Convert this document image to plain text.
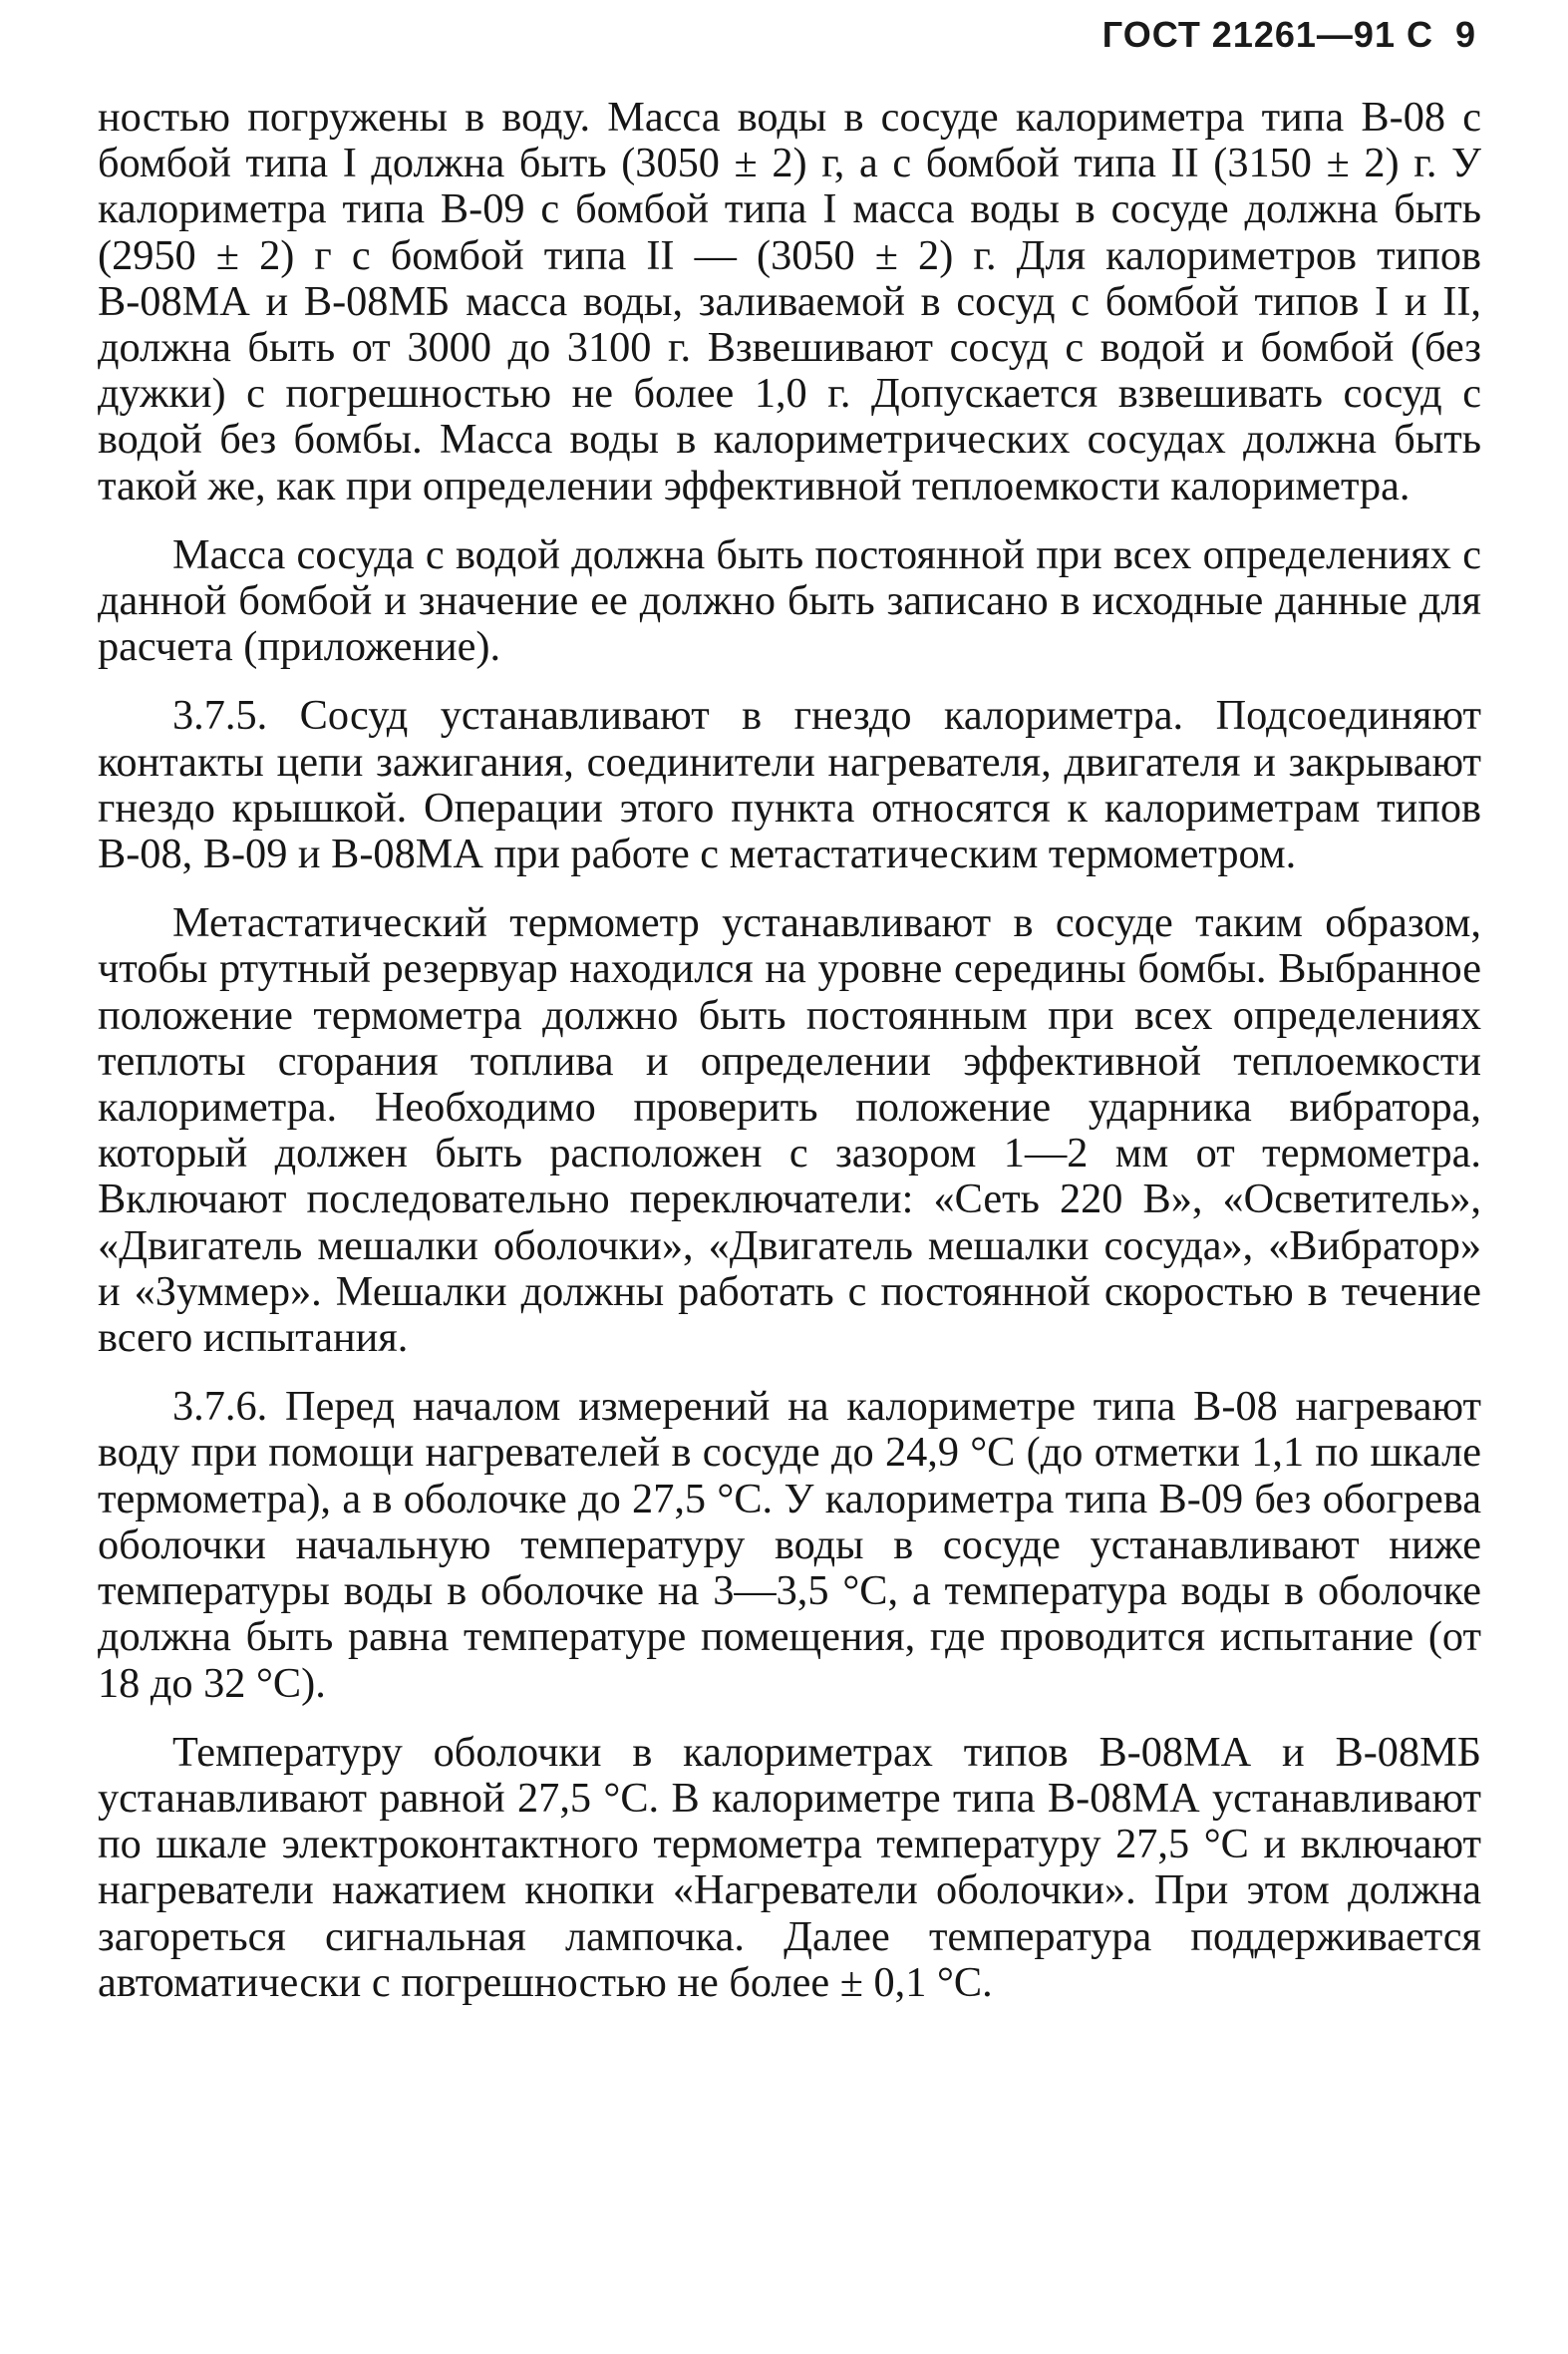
ГОСТ 21261—91 С 9

ностью погружены в воду. Масса воды в сосуде калориметра типа В-08 с бомбой типа I должна быть (3050 ± 2) г, а с бомбой типа II (3150 ± 2) г. У калориметра типа В-09 с бомбой типа I масса воды в сосуде должна быть (2950 ± 2) г с бомбой типа II — (3050 ± 2) г. Для калориметров типов В-08МА и В-08МБ масса воды, заливаемой в сосуд с бомбой типов I и II, должна быть от 3000 до 3100 г. Взвешивают сосуд с водой и бомбой (без дужки) с погрешностью не более 1,0 г. Допускается взвешивать сосуд с водой без бомбы. Масса воды в калориметрических сосудах должна быть такой же, как при определении эффективной теплоемкости калориметра.

Масса сосуда с водой должна быть постоянной при всех определениях с данной бомбой и значение ее должно быть записано в исходные данные для расчета (приложение).

3.7.5. Сосуд устанавливают в гнездо калориметра. Подсоединяют контакты цепи зажигания, соединители нагревателя, двигателя и закрывают гнездо крышкой. Операции этого пункта относятся к калориметрам типов В-08, В-09 и В-08МА при работе с метастатическим термометром.

Метастатический термометр устанавливают в сосуде таким образом, чтобы ртутный резервуар находился на уровне середины бомбы. Выбранное положение термометра должно быть постоянным при всех определениях теплоты сгорания топлива и определении эффективной теплоемкости калориметра. Необходимо проверить положение ударника вибратора, который должен быть расположен с зазором 1—2 мм от термометра. Включают последовательно переключатели: «Сеть 220 В», «Осветитель», «Двигатель мешалки оболочки», «Двигатель мешалки сосуда», «Вибратор» и «Зуммер». Мешалки должны работать с постоянной скоростью в течение всего испытания.

3.7.6. Перед началом измерений на калориметре типа В-08 нагревают воду при помощи нагревателей в сосуде до 24,9 °С (до отметки 1,1 по шкале термометра), а в оболочке до 27,5 °С. У калориметра типа В-09 без обогрева оболочки начальную температуру воды в сосуде устанавливают ниже температуры воды в оболочке на 3—3,5 °С, а температура воды в оболочке должна быть равна температуре помещения, где проводится испытание (от 18 до 32 °С).

Температуру оболочки в калориметрах типов В-08МА и В-08МБ устанавливают равной 27,5 °С. В калориметре типа В-08МА устанавливают по шкале электроконтактного термометра температуру 27,5 °С и включают нагреватели нажатием кнопки «Нагреватели оболочки». При этом должна загореться сигнальная лампочка. Далее температура поддерживается автоматически с погрешностью не более ± 0,1 °С.
